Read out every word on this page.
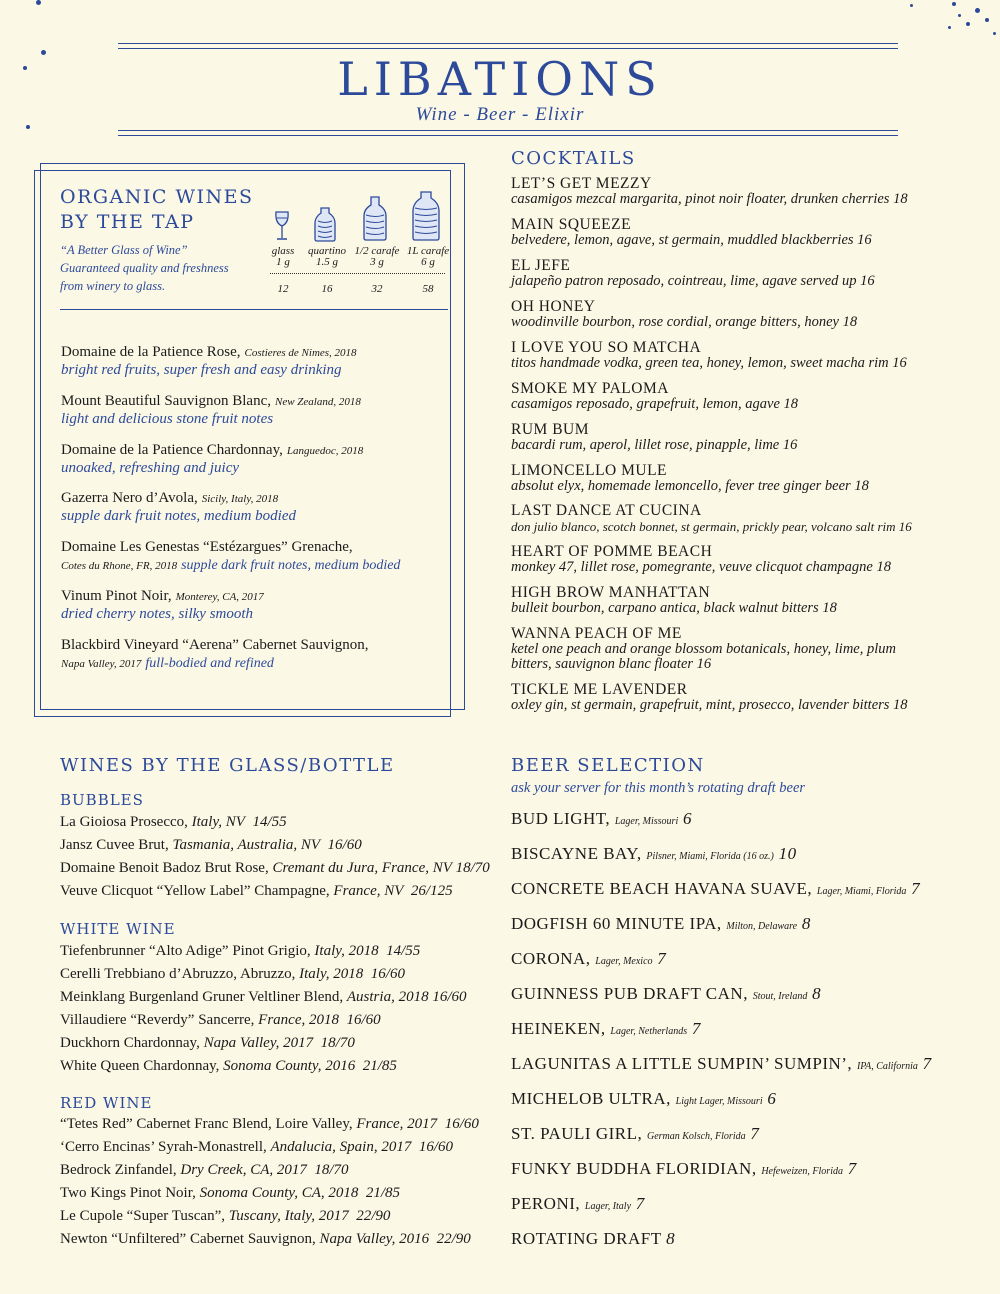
LIBATIONS
Wine - Beer - Elixir
ORGANIC WINES
BY THE TAP
“A Better Glass of Wine”
Guaranteed quality and freshness
from winery to glass.
glass
1 g
12
quartino
1.5 g
16
1/2 carafe
3 g
32
1L carafe
6 g
58
Domaine de la Patience Rose, Costieres de Nimes, 2018
bright red fruits, super fresh and easy drinking
Mount Beautiful Sauvignon Blanc, New Zealand, 2018
light and delicious stone fruit notes
Domaine de la Patience Chardonnay, Languedoc, 2018
unoaked, refreshing and juicy
Gazerra Nero d’Avola, Sicily, Italy, 2018
supple dark fruit notes, medium bodied
Domaine Les Genestas “Estézargues” Grenache,
Cotes du Rhone, FR, 2018 supple dark fruit notes, medium bodied
Vinum Pinot Noir, Monterey, CA, 2017
dried cherry notes, silky smooth
Blackbird Vineyard “Aerena” Cabernet Sauvignon,
Napa Valley, 2017 full-bodied and refined
COCKTAILS
LET’S GET MEZZY
casamigos mezcal margarita, pinot noir floater, drunken cherries 18
MAIN SQUEEZE
belvedere, lemon, agave, st germain, muddled blackberries 16
EL JEFE
jalapeño patron reposado, cointreau, lime, agave served up 16
OH HONEY
woodinville bourbon, rose cordial, orange bitters, honey 18
I LOVE YOU SO MATCHA
titos handmade vodka, green tea, honey, lemon, sweet macha rim 16
SMOKE MY PALOMA
casamigos reposado, grapefruit, lemon, agave 18
RUM BUM
bacardi rum, aperol, lillet rose, pinapple, lime 16
LIMONCELLO MULE
absolut elyx, homemade lemoncello, fever tree ginger beer 18
LAST DANCE AT CUCINA
don julio blanco, scotch bonnet, st germain, prickly pear, volcano salt rim 16
HEART OF POMME BEACH
monkey 47, lillet rose, pomegrante, veuve clicquot champagne 18
HIGH BROW MANHATTAN
bulleit bourbon, carpano antica, black walnut bitters 18
WANNA PEACH OF ME
ketel one peach and orange blossom botanicals, honey, lime, plum
bitters, sauvignon blanc floater 16
TICKLE ME LAVENDER
oxley gin, st germain, grapefruit, mint, prosecco, lavender bitters 18
WINES BY THE GLASS/BOTTLE
BUBBLES
La Gioiosa Prosecco, Italy, NV 14/55
Jansz Cuvee Brut, Tasmania, Australia, NV 16/60
Domaine Benoit Badoz Brut Rose, Cremant du Jura, France, NV 18/70
Veuve Clicquot “Yellow Label” Champagne, France, NV 26/125
WHITE WINE
Tiefenbrunner “Alto Adige” Pinot Grigio, Italy, 2018 14/55
Cerelli Trebbiano d’Abruzzo, Abruzzo, Italy, 2018 16/60
Meinklang Burgenland Gruner Veltliner Blend, Austria, 2018 16/60
Villaudiere “Reverdy” Sancerre, France, 2018 16/60
Duckhorn Chardonnay, Napa Valley, 2017 18/70
White Queen Chardonnay, Sonoma County, 2016 21/85
RED WINE
“Tetes Red” Cabernet Franc Blend, Loire Valley, France, 2017 16/60
‘Cerro Encinas’ Syrah-Monastrell, Andalucia, Spain, 2017 16/60
Bedrock Zinfandel, Dry Creek, CA, 2017 18/70
Two Kings Pinot Noir, Sonoma County, CA, 2018 21/85
Le Cupole “Super Tuscan”, Tuscany, Italy, 2017 22/90
Newton “Unfiltered” Cabernet Sauvignon, Napa Valley, 2016 22/90
BEER SELECTION
ask your server for this month’s rotating draft beer
BUD LIGHT, Lager, Missouri 6
BISCAYNE BAY, Pilsner, Miami, Florida (16 oz.) 10
CONCRETE BEACH HAVANA SUAVE, Lager, Miami, Florida 7
DOGFISH 60 MINUTE IPA, Milton, Delaware 8
CORONA, Lager, Mexico 7
GUINNESS PUB DRAFT CAN, Stout, Ireland 8
HEINEKEN, Lager, Netherlands 7
LAGUNITAS A LITTLE SUMPIN’ SUMPIN’, IPA, California 7
MICHELOB ULTRA, Light Lager, Missouri 6
ST. PAULI GIRL, German Kolsch, Florida 7
FUNKY BUDDHA FLORIDIAN, Hefeweizen, Florida 7
PERONI, Lager, Italy 7
ROTATING DRAFT 8
